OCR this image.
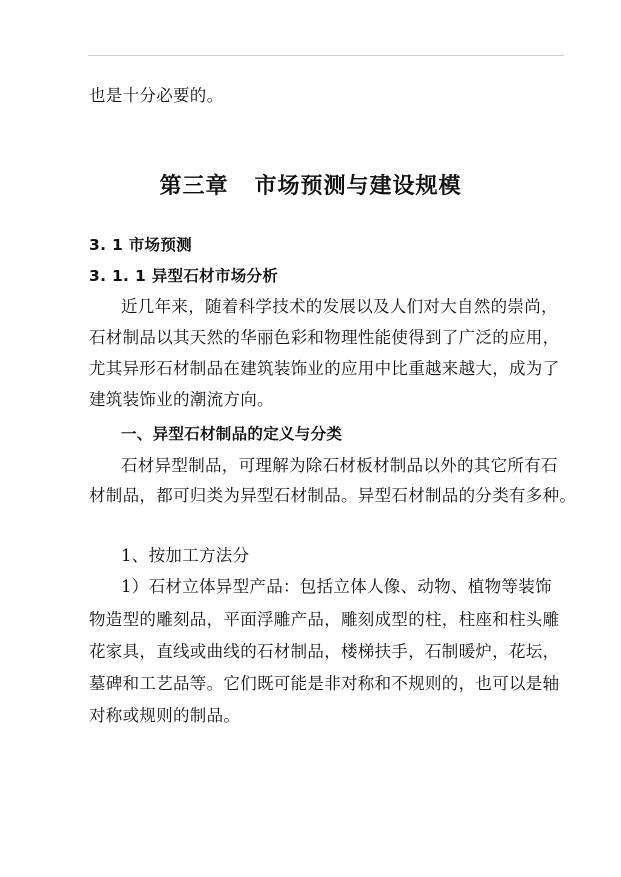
也是十分必要的。
第三章 市场预测与建设规模
3. 1 市场预测
3. 1. 1 异型石材市场分析
近几年来，随着科学技术的发展以及人们对大自然的崇尚，
石材制品以其天然的华丽色彩和物理性能使得到了广泛的应用，
尤其异形石材制品在建筑装饰业的应用中比重越来越大，成为了
建筑装饰业的潮流方向。
一、异型石材制品的定义与分类
石材异型制品，可理解为除石材板材制品以外的其它所有石
材制品，都可归类为异型石材制品。异型石材制品的分类有多种。
1、按加工方法分
1）石材立体异型产品：包括立体人像、动物、植物等装饰
物造型的雕刻品，平面浮雕产品，雕刻成型的柱，柱座和柱头雕
花家具，直线或曲线的石材制品，楼梯扶手，石制暖炉，花坛，
墓碑和工艺品等。它们既可能是非对称和不规则的，也可以是轴
对称或规则的制品。
